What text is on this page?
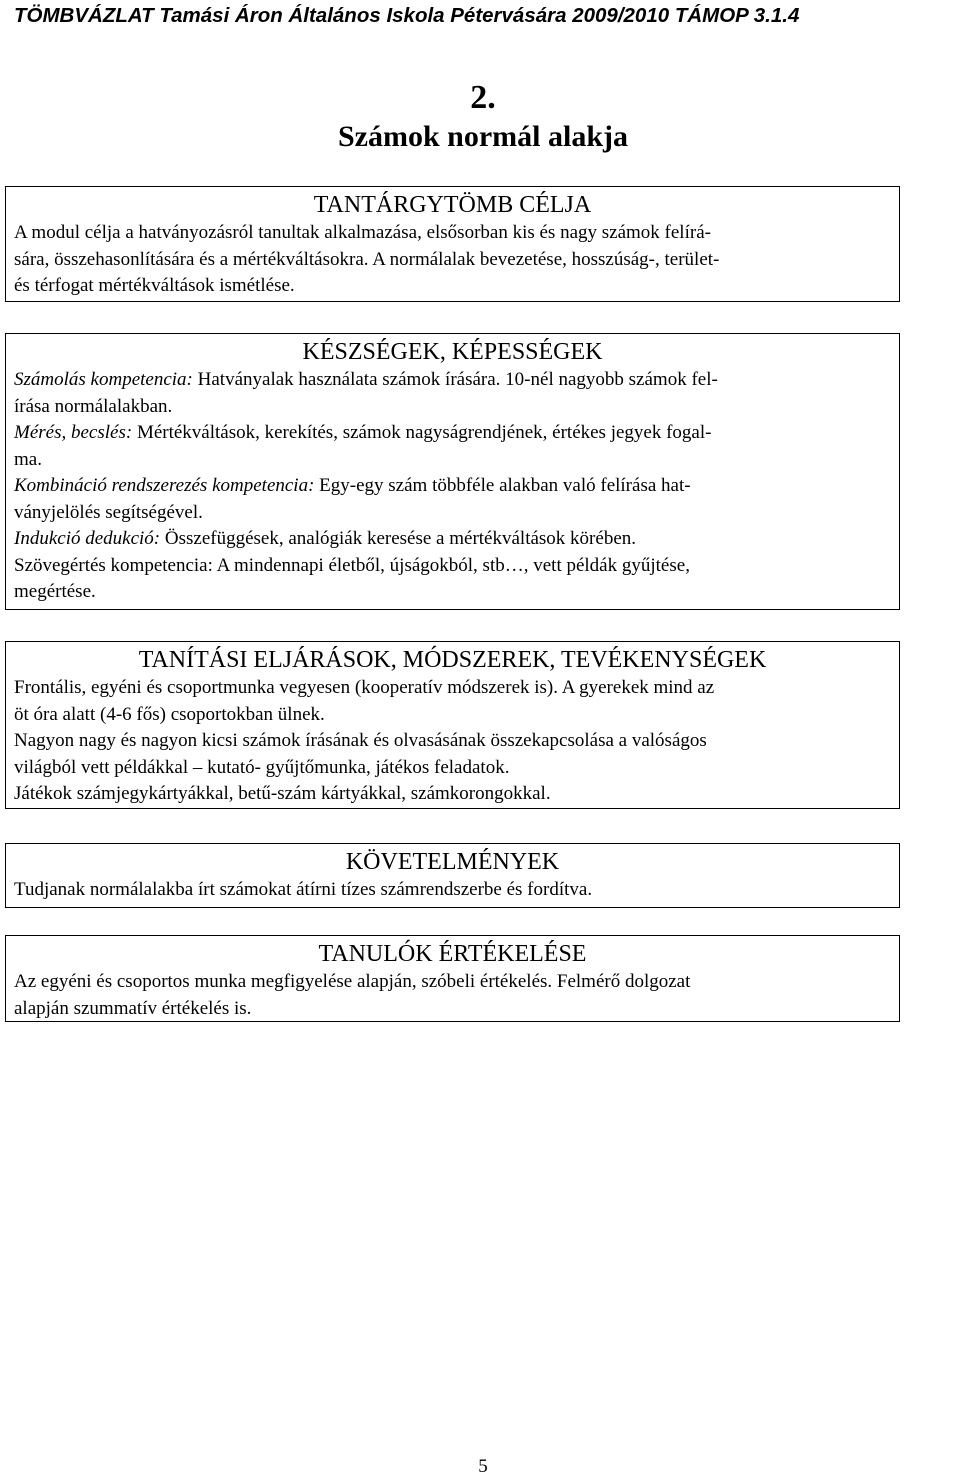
TÖMBVÁZLAT Tamási Áron Általános Iskola Pétervására 2009/2010 TÁMOP 3.1.4
2.
Számok normál alakja
TANTÁRGYTÖMB CÉLJA

A modul célja a hatványozásról tanultak alkalmazása, elsősorban kis és nagy számok felírá-

sára, összehasonlítására és a mértékváltásokra. A normálalak bevezetése, hosszúság-, terület-

és térfogat mértékváltások ismétlése.

KÉSZSÉGEK, KÉPESSÉGEK

Számolás kompetencia: Hatványalak használata számok írására. 10-nél nagyobb számok fel-

írása normálalakban.

Mérés, becslés: Mértékváltások, kerekítés, számok nagyságrendjének, értékes jegyek fogal-

ma.

Kombináció rendszerezés kompetencia: Egy-egy szám többféle alakban való felírása hat-

ványjelölés segítségével.

Indukció dedukció: Összefüggések, analógiák keresése a mértékváltások körében.

Szövegértés kompetencia: A mindennapi életből, újságokból, stb…, vett példák gyűjtése,

megértése.

TANÍTÁSI ELJÁRÁSOK, MÓDSZEREK, TEVÉKENYSÉGEK

Frontális, egyéni és csoportmunka vegyesen (kooperatív módszerek is). A gyerekek mind az

öt óra alatt (4-6 fős) csoportokban ülnek.

Nagyon nagy és nagyon kicsi számok írásának és olvasásának összekapcsolása a valóságos

világból vett példákkal – kutató- gyűjtőmunka, játékos feladatok.

Játékok számjegykártyákkal, betű-szám kártyákkal, számkorongokkal.

KÖVETELMÉNYEK

Tudjanak normálalakba írt számokat átírni tízes számrendszerbe és fordítva.

TANULÓK ÉRTÉKELÉSE

Az egyéni és csoportos munka megfigyelése alapján, szóbeli értékelés. Felmérő dolgozat

alapján szummatív értékelés is.

5
